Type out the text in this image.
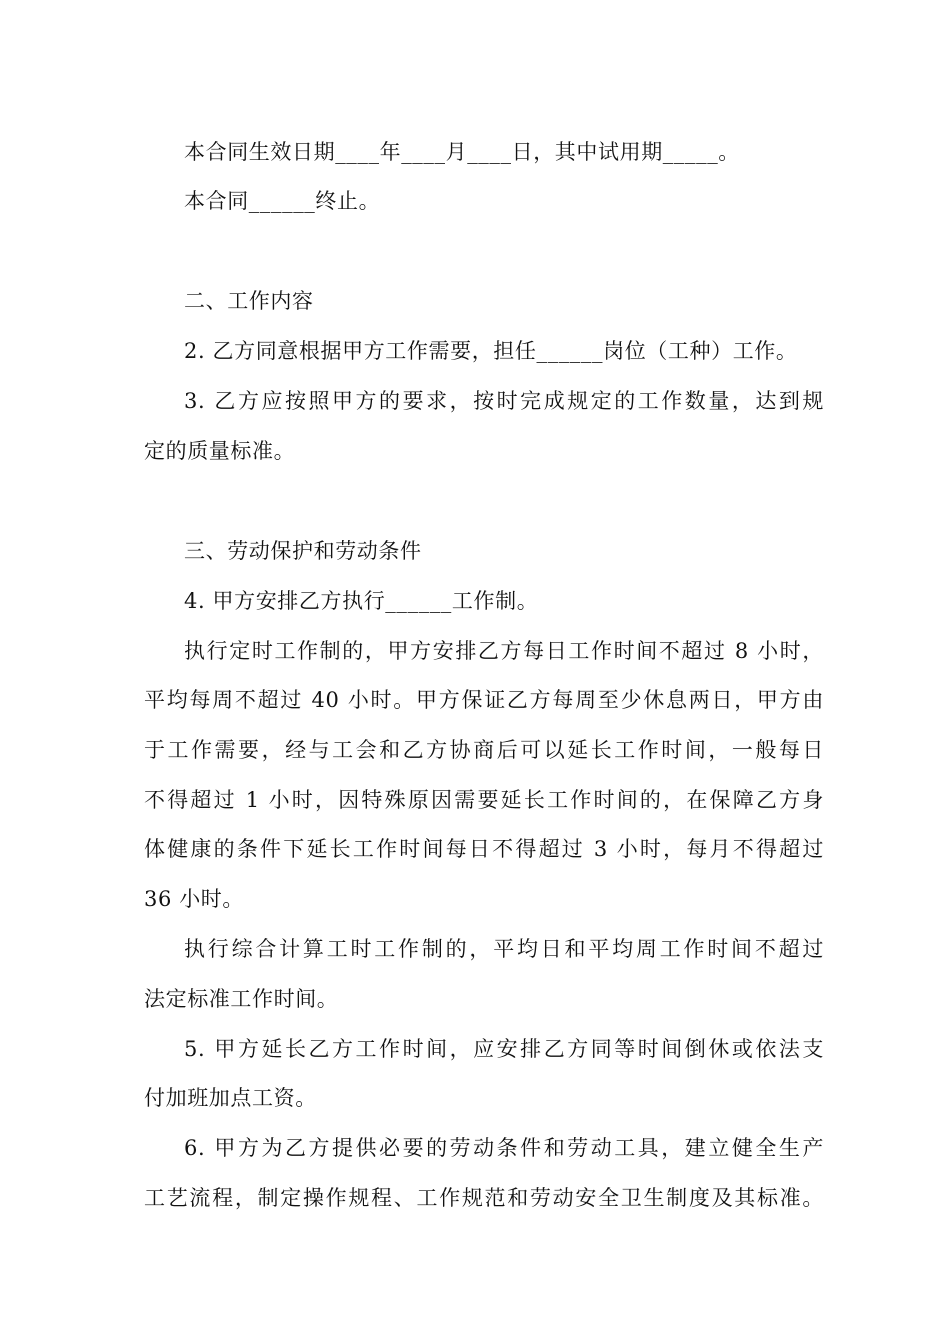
本合同生效日期____年____月____日，其中试用期_____。
本合同______终止。
二、工作内容
2. 乙方同意根据甲方工作需要，担任______岗位（工种）工作。
3. 乙方应按照甲方的要求，按时完成规定的工作数量，达到规
定的质量标准。
三、劳动保护和劳动条件
4. 甲方安排乙方执行______工作制。
执行定时工作制的，甲方安排乙方每日工作时间不超过 8 小时，
平均每周不超过 40 小时。甲方保证乙方每周至少休息两日，甲方由
于工作需要，经与工会和乙方协商后可以延长工作时间，一般每日
不得超过 1 小时，因特殊原因需要延长工作时间的，在保障乙方身
体健康的条件下延长工作时间每日不得超过 3 小时，每月不得超过
36 小时。
执行综合计算工时工作制的，平均日和平均周工作时间不超过
法定标准工作时间。
5. 甲方延长乙方工作时间，应安排乙方同等时间倒休或依法支
付加班加点工资。
6. 甲方为乙方提供必要的劳动条件和劳动工具，建立健全生产
工艺流程，制定操作规程、工作规范和劳动安全卫生制度及其标准。
